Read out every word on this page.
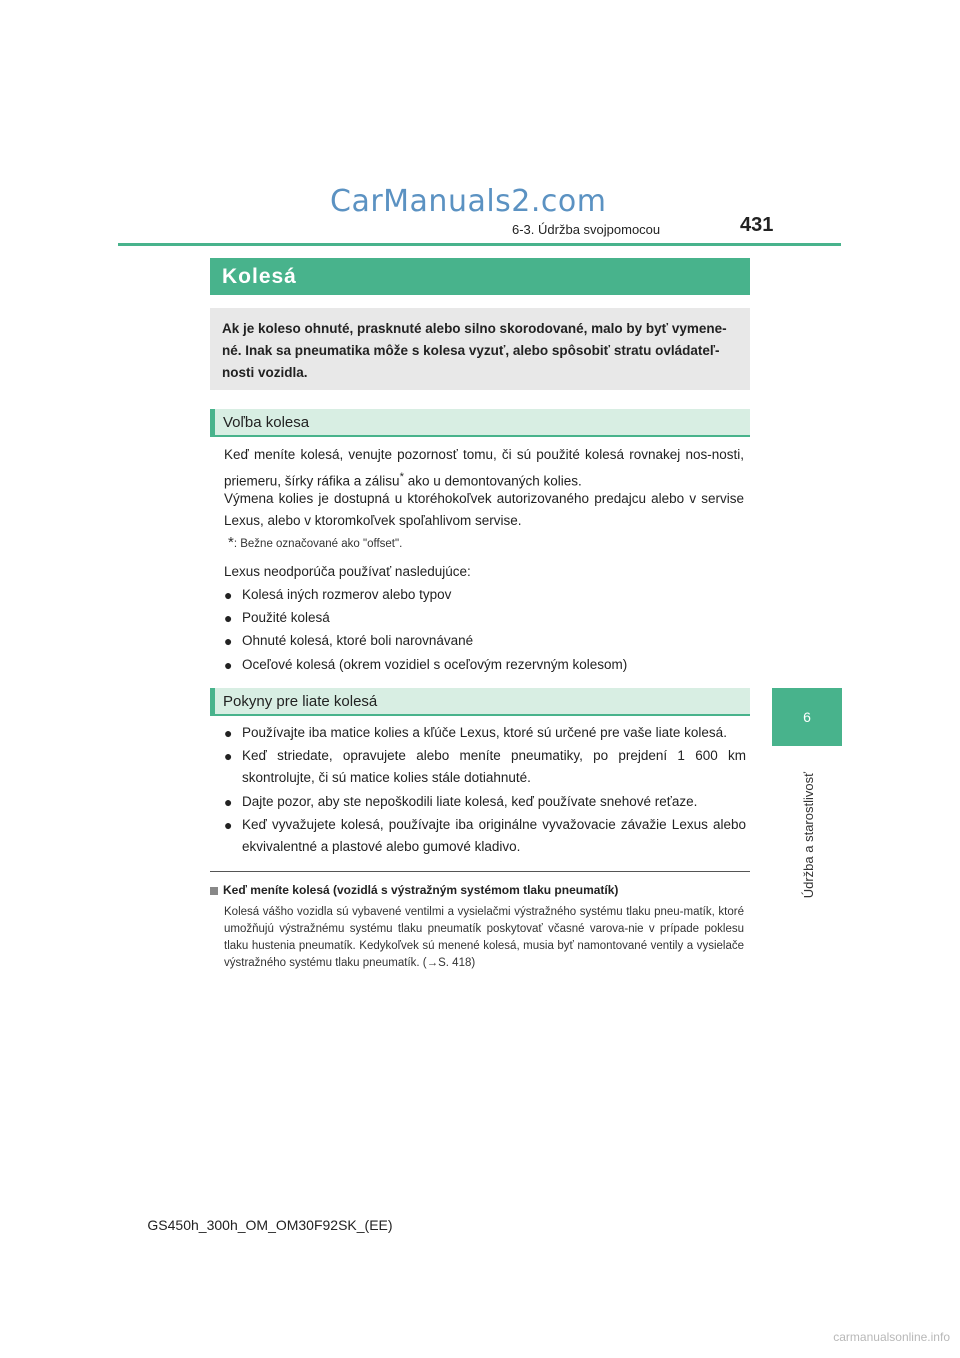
CarManuals2.com
6-3. Údržba svojpomocou	431
6
Údržba a starostlivosť
Kolesá
Ak je koleso ohnuté, prasknuté alebo silno skorodované, malo by byť vymene-né. Inak sa pneumatika môže s kolesa vyzuť, alebo spôsobiť stratu ovládateľ-nosti vozidla.
Voľba kolesa
Keď meníte kolesá, venujte pozornosť tomu, či sú použité kolesá rovnakej nos-nosti, priemeru, šírky ráfika a zálisu* ako u demontovaných kolies.
Výmena kolies je dostupná u ktoréhokoľvek autorizovaného predajcu alebo v servise Lexus, alebo v ktoromkoľvek spoľahlivom servise.
*: Bežne označované ako "offset".
Lexus neodporúča používať nasledujúce:
● Kolesá iných rozmerov alebo typov
● Použité kolesá
● Ohnuté kolesá, ktoré boli narovnávané
● Oceľové kolesá (okrem vozidiel s oceľovým rezervným kolesom)
Pokyny pre liate kolesá
● Používajte iba matice kolies a kľúče Lexus, ktoré sú určené pre vaše liate kolesá.
● Keď striedate, opravujete alebo meníte pneumatiky, po prejdení 1 600 km skontrolujte, či sú matice kolies stále dotiahnuté.
● Dajte pozor, aby ste nepoškodili liate kolesá, keď používate snehové reťaze.
● Keď vyvažujete kolesá, používajte iba originálne vyvažovacie závažie Lexus alebo ekvivalentné a plastové alebo gumové kladivo.
Keď meníte kolesá (vozidlá s výstražným systémom tlaku pneumatík)
Kolesá vášho vozidla sú vybavené ventilmi a vysielačmi výstražného systému tlaku pneu-matík, ktoré umožňujú výstražnému systému tlaku pneumatík poskytovať včasné varova-nie v prípade poklesu tlaku hustenia pneumatík. Kedykoľvek sú menené kolesá, musia byť namontované ventily a vysielače výstražného systému tlaku pneumatík. (→S. 418)
GS450h_300h_OM_OM30F92SK_(EE)
carmanualsonline.info
